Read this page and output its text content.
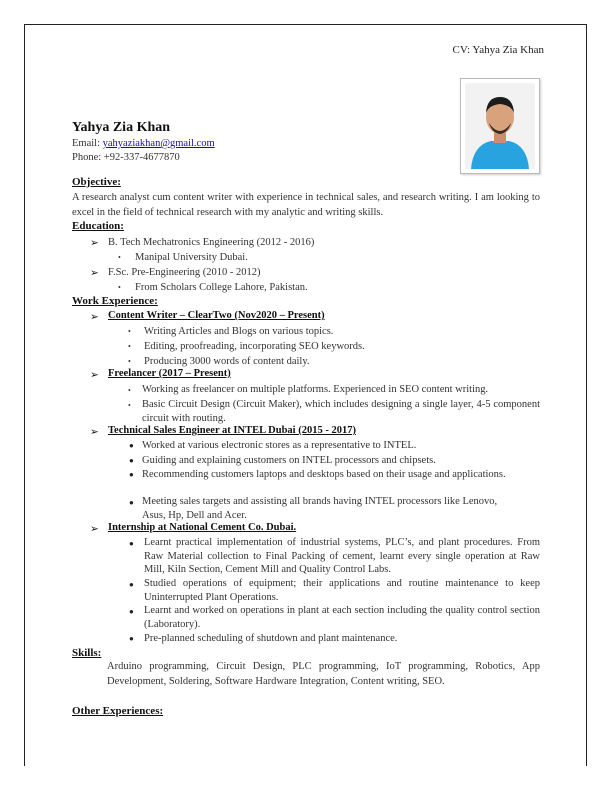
CV: Yahya Zia Khan
Yahya Zia Khan
Email: yahyaziakhan@gmail.com
Phone: +92-337-4677870
Objective:
A research analyst cum content writer with experience in technical sales, and research writing. I am looking to excel in the field of technical research with my analytic and writing skills.
Education:
➢ B. Tech Mechatronics Engineering (2012 - 2016)
• Manipal University Dubai.
➢ F.Sc. Pre-Engineering (2010 - 2012)
• From Scholars College Lahore, Pakistan.
Work Experience:
➢ Content Writer – ClearTwo (Nov2020 – Present)
• Writing Articles and Blogs on various topics.
• Editing, proofreading, incorporating SEO keywords.
• Producing 3000 words of content daily.
➢ Freelancer (2017 – Present)
• Working as freelancer on multiple platforms. Experienced in SEO content writing.
• Basic Circuit Design (Circuit Maker), which includes designing a single layer, 4-5 component circuit with routing.
➢ Technical Sales Engineer at INTEL Dubai (2015 - 2017)
● Worked at various electronic stores as a representative to INTEL.
● Guiding and explaining customers on INTEL processors and chipsets.
● Recommending customers laptops and desktops based on their usage and applications.
● Meeting sales targets and assisting all brands having INTEL processors like Lenovo, Asus, Hp, Dell and Acer.
➢ Internship at National Cement Co. Dubai.
● Learnt practical implementation of industrial systems, PLC’s, and plant procedures. From Raw Material collection to Final Packing of cement, learnt every single operation at Raw Mill, Kiln Section, Cement Mill and Quality Control Labs.
● Studied operations of equipment; their applications and routine maintenance to keep Uninterrupted Plant Operations.
● Learnt and worked on operations in plant at each section including the quality control section (Laboratory).
● Pre-planned scheduling of shutdown and plant maintenance.
Skills:
Arduino programming, Circuit Design, PLC programming, IoT programming, Robotics, App Development, Soldering, Software Hardware Integration, Content writing, SEO.
Other Experiences:
